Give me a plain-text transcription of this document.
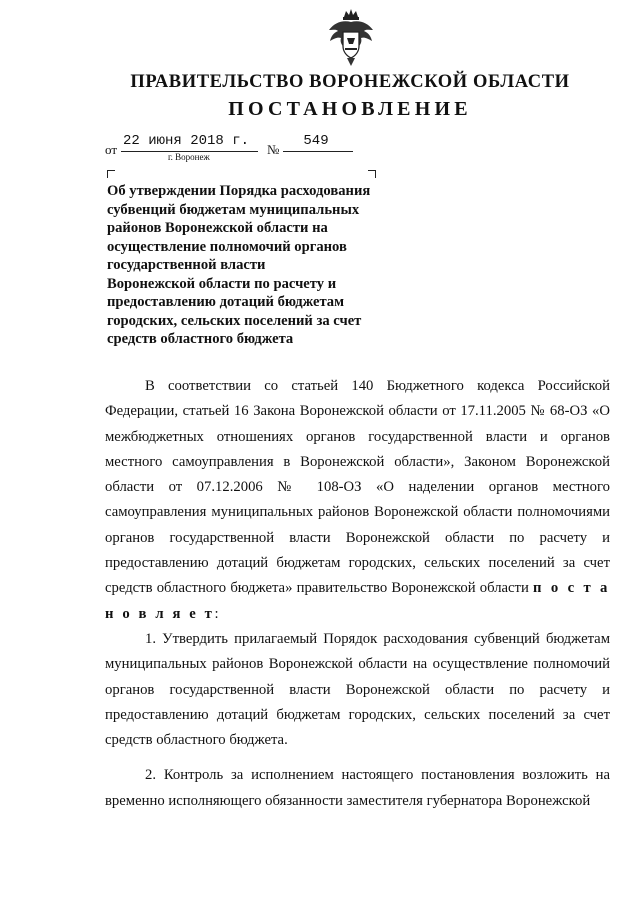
ПРАВИТЕЛЬСТВО ВОРОНЕЖСКОЙ ОБЛАСТИ
ПОСТАНОВЛЕНИЕ
от
22 июня 2018 г.
№
549
г. Воронеж
Об утверждении Порядка расходования
субвенций бюджетам муниципальных
районов Воронежской области на
осуществление полномочий органов
государственной власти
Воронежской области по расчету и
предоставлению дотаций бюджетам
городских, сельских поселений за счет
средств областного бюджета

В соответствии со статьей 140 Бюджетного кодекса Российской Федерации, статьей 16 Закона Воронежской области от 17.11.2005 № 68-ОЗ «О межбюджетных отношениях органов государственной власти и органов местного самоуправления в Воронежской области», Законом Воронежской области от 07.12.2006 № 108-ОЗ «О наделении органов местного самоуправления муниципальных районов Воронежской области полномочиями органов государственной власти Воронежской области по расчету и предоставлению дотаций бюджетам городских, сельских поселений за счет средств областного бюджета» правительство Воронежской области п о с т а н о в л я е т:

1. Утвердить прилагаемый Порядок расходования субвенций бюджетам муниципальных районов Воронежской области на осуществление полномочий органов государственной власти Воронежской области по расчету и предоставлению дотаций бюджетам городских, сельских поселений за счет средств областного бюджета.

2. Контроль за исполнением настоящего постановления возложить на временно исполняющего обязанности заместителя губернатора Воронежской
